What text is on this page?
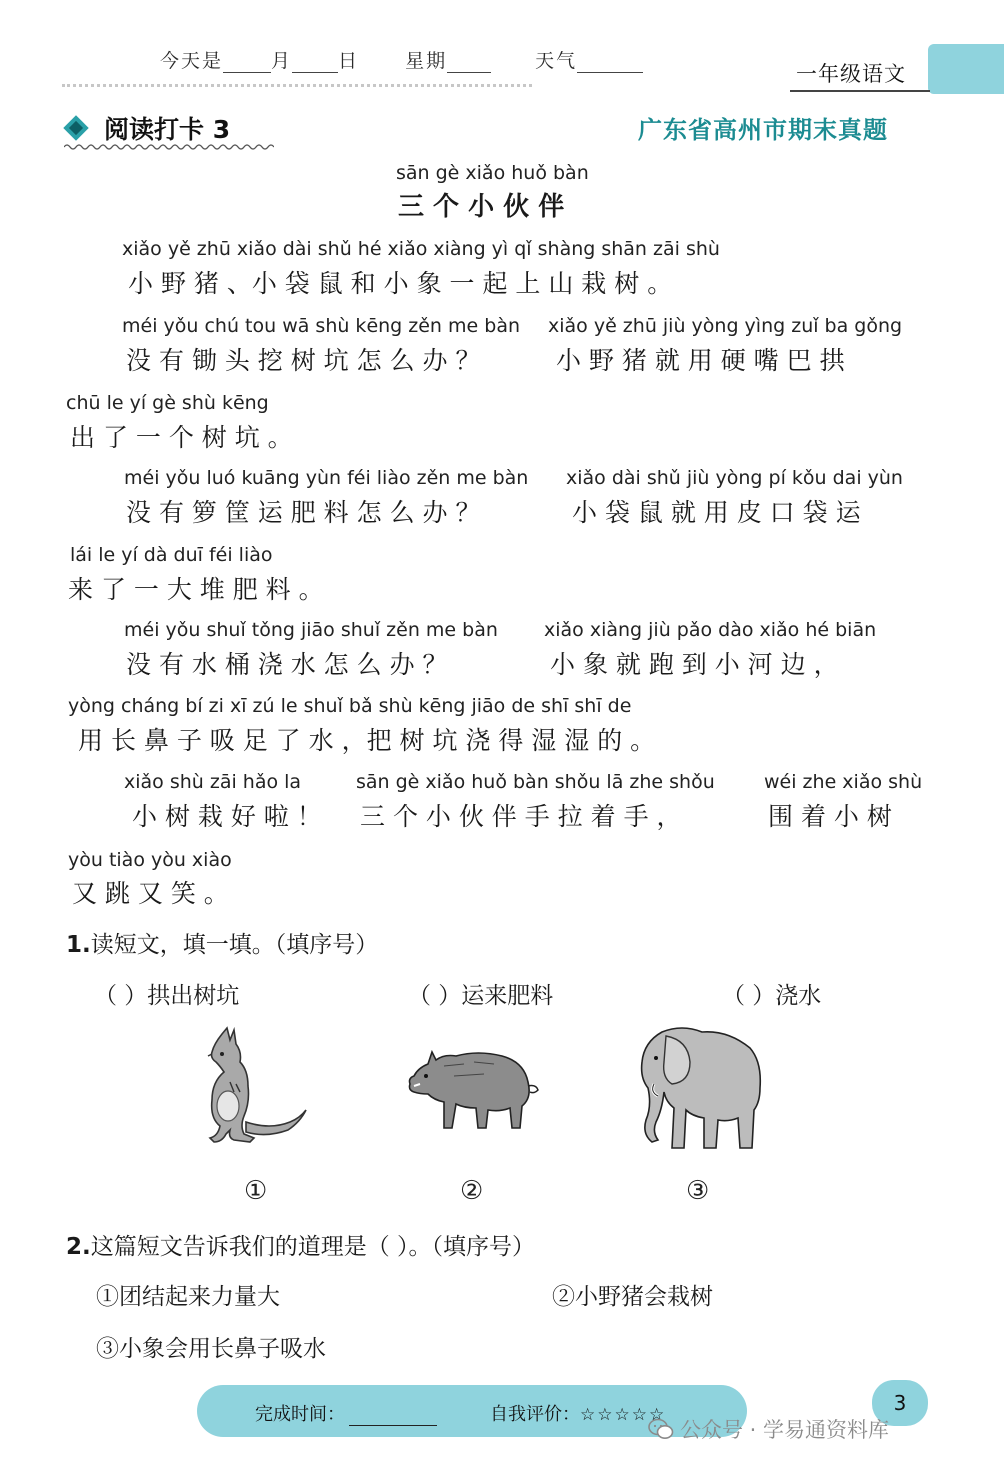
今天是	月 日 星期	天气
一年级语文
阅读打卡 3	广东省高州市期末真题
sān gè xiǎo huǒ bàn
三 个 小 伙 伴
xiǎo yě zhū xiǎo dài shǔ hé xiǎo xiàng yì qǐ shàng shān zāi shù
小 野 猪 、小 袋 鼠 和 小 象 一 起 上 山 栽 树 。
méi yǒu chú tou wā shù kēng zěn me bàn xiǎo yě zhū jiù yòng yìng zuǐ ba gǒng
没 有 锄 头 挖 树 坑 怎 么 办 ？	小 野 猪 就 用 硬 嘴 巴 拱
chū le yí gè shù kēng
出 了 一 个 树 坑 。
méi yǒu luó kuāng yùn féi liào zěn me bàn xiǎo dài shǔ jiù yòng pí kǒu dai yùn
没 有 箩 筐 运 肥 料 怎 么 办 ？	小 袋 鼠 就 用 皮 口 袋 运
lái le yí dà duī féi liào
来 了 一 大 堆 肥 料 。
méi yǒu shuǐ tǒng jiāo shuǐ zěn me bàn xiǎo xiàng jiù pǎo dào xiǎo hé biān
没 有 水 桶 浇 水 怎 么 办 ？	小 象 就 跑 到 小 河 边 ，
yòng cháng bí zi xī zú le shuǐ bǎ shù kēng jiāo de shī shī de
用 长 鼻 子 吸 足 了 水 ，把 树 坑 浇 得 湿 湿 的 。
xiǎo shù zāi hǎo la	sān gè xiǎo huǒ bàn shǒu lā zhe shǒu	wéi zhe xiǎo shù
小 树 栽 好 啦 ！ 三 个 小 伙 伴 手 拉 着 手 ，	围 着 小 树
yòu tiào yòu xiào
又 跳 又 笑 。
1.读短文，填一填。（填序号）
（ ）拱出树坑	（ ）运来肥料	（ ）浇水
①	②	③
2.这篇短文告诉我们的道理是（ ）。（填序号）
①团结起来力量大	②小野猪会栽树
③小象会用长鼻子吸水
完成时间：	自我评价：☆☆☆☆☆	3
公众号 · 学易通资料库
